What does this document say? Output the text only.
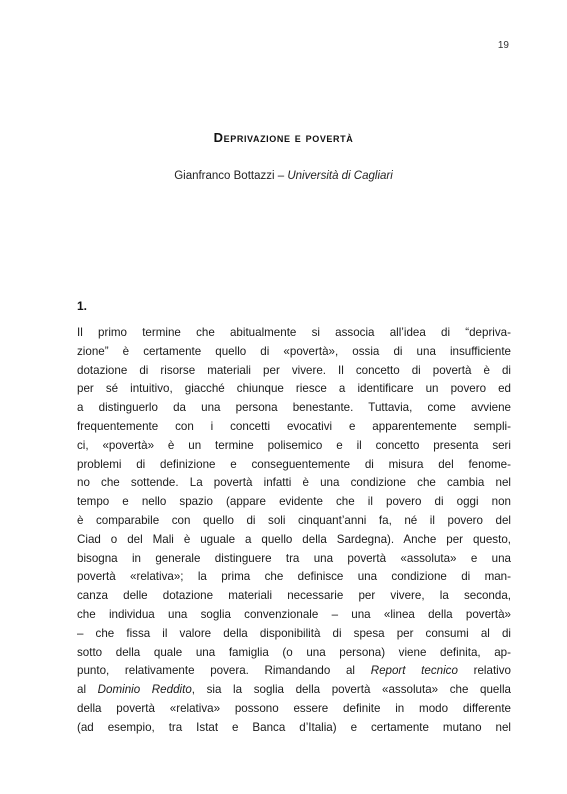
19
Deprivazione e povertà
Gianfranco Bottazzi – Università di Cagliari
1.
Il primo termine che abitualmente si associa all’idea di “depriva-
zione” è certamente quello di «povertà», ossia di una insufficiente
dotazione di risorse materiali per vivere. Il concetto di povertà è di
per sé intuitivo, giacché chiunque riesce a identificare un povero ed
a distinguerlo da una persona benestante. Tuttavia, come avviene
frequentemente con i concetti evocativi e apparentemente sempli-
ci, «povertà» è un termine polisemico e il concetto presenta seri
problemi di definizione e conseguentemente di misura del fenome-
no che sottende. La povertà infatti è una condizione che cambia nel
tempo e nello spazio (appare evidente che il povero di oggi non
è comparabile con quello di soli cinquant’anni fa, né il povero del
Ciad o del Mali è uguale a quello della Sardegna). Anche per questo,
bisogna in generale distinguere tra una povertà «assoluta» e una
povertà «relativa»; la prima che definisce una condizione di man-
canza delle dotazione materiali necessarie per vivere, la seconda,
che individua una soglia convenzionale – una «linea della povertà»
– che fissa il valore della disponibilità di spesa per consumi al di
sotto della quale una famiglia (o una persona) viene definita, ap-
punto, relativamente povera. Rimandando al Report tecnico relativo
al Dominio Reddito, sia la soglia della povertà «assoluta» che quella
della povertà «relativa» possono essere definite in modo differente
(ad esempio, tra Istat e Banca d’Italia) e certamente mutano nel
